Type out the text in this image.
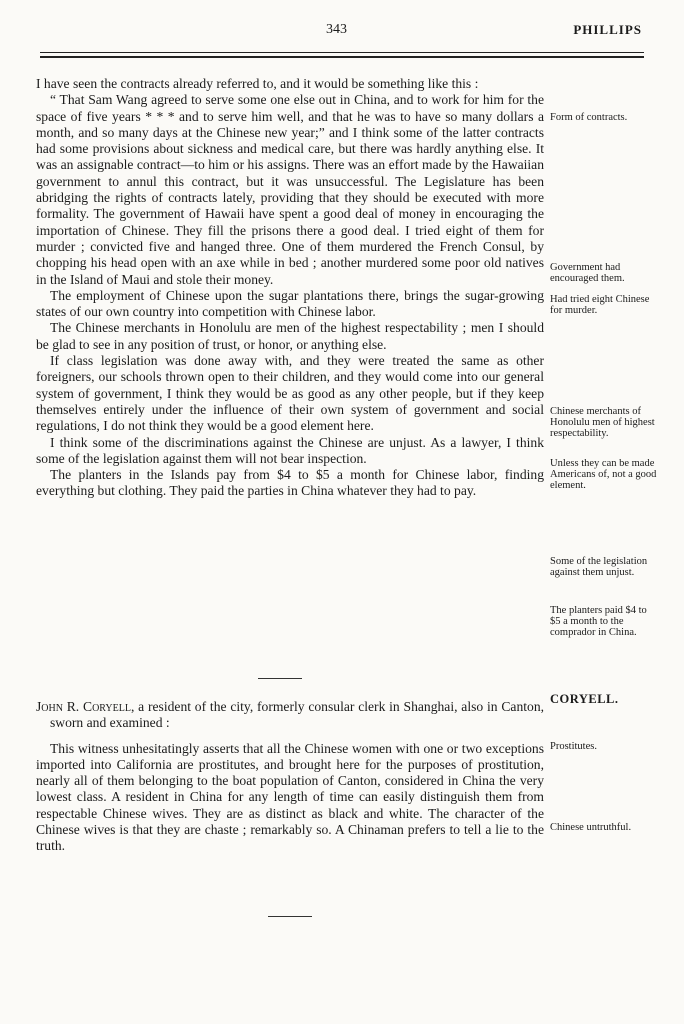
343	PHILLIPS

I have seen the contracts already referred to, and it would be something like this :

“ That Sam Wang agreed to serve some one else out in China, and to work for him for the space of five years * * * and to serve him well, and that he was to have so many dollars a month, and so many days at the Chinese new year;” and I think some of the latter contracts had some provisions about sickness and medical care, but there was hardly anything else. It was an assignable contract—to him or his assigns. There was an effort made by the Hawaiian government to annul this contract, but it was unsuccessful. The Legislature has been abridging the rights of contracts lately, providing that they should be executed with more formality. The government of Hawaii have spent a good deal of money in encouraging the importation of Chinese. They fill the prisons there a good deal. I tried eight of them for murder ; convicted five and hanged three. One of them murdered the French Consul, by chopping his head open with an axe while in bed ; another murdered some poor old natives in the Island of Maui and stole their money.

The employment of Chinese upon the sugar plantations there, brings the sugar-growing states of our own country into competition with Chinese labor.

The Chinese merchants in Honolulu are men of the highest respectability ; men I should be glad to see in any position of trust, or honor, or anything else.

If class legislation was done away with, and they were treated the same as other foreigners, our schools thrown open to their children, and they would come into our general system of government, I think they would be as good as any other people, but if they keep themselves entirely under the influence of their own system of government and social regulations, I do not think they would be a good element here.

I think some of the discriminations against the Chinese are unjust. As a lawyer, I think some of the legislation against them will not bear inspection.

The planters in the Islands pay from $4 to $5 a month for Chinese labor, finding everything but clothing. They paid the parties in China whatever they had to pay.

John R. Coryell, a resident of the city, formerly consular clerk in Shanghai, also in Canton, sworn and examined :

This witness unhesitatingly asserts that all the Chinese women with one or two exceptions imported into California are prostitutes, and brought here for the purposes of prostitution, nearly all of them belonging to the boat population of Canton, considered in China the very lowest class. A resident in China for any length of time can easily distinguish them from respectable Chinese wives. They are as distinct as black and white. The character of the Chinese wives is that they are chaste ; remarkably so. A Chinaman prefers to tell a lie to the truth.

Form of contracts.
Government had encouraged them.
Had tried eight Chinese for murder.
Chinese merchants of Honolulu men of highest respectability.
Unless they can be made Americans of, not a good element.
Some of the legislation against them unjust.
The planters paid $4 to $5 a month to the comprador in China.
CORYELL.
Prostitutes.
Chinese untruthful.
